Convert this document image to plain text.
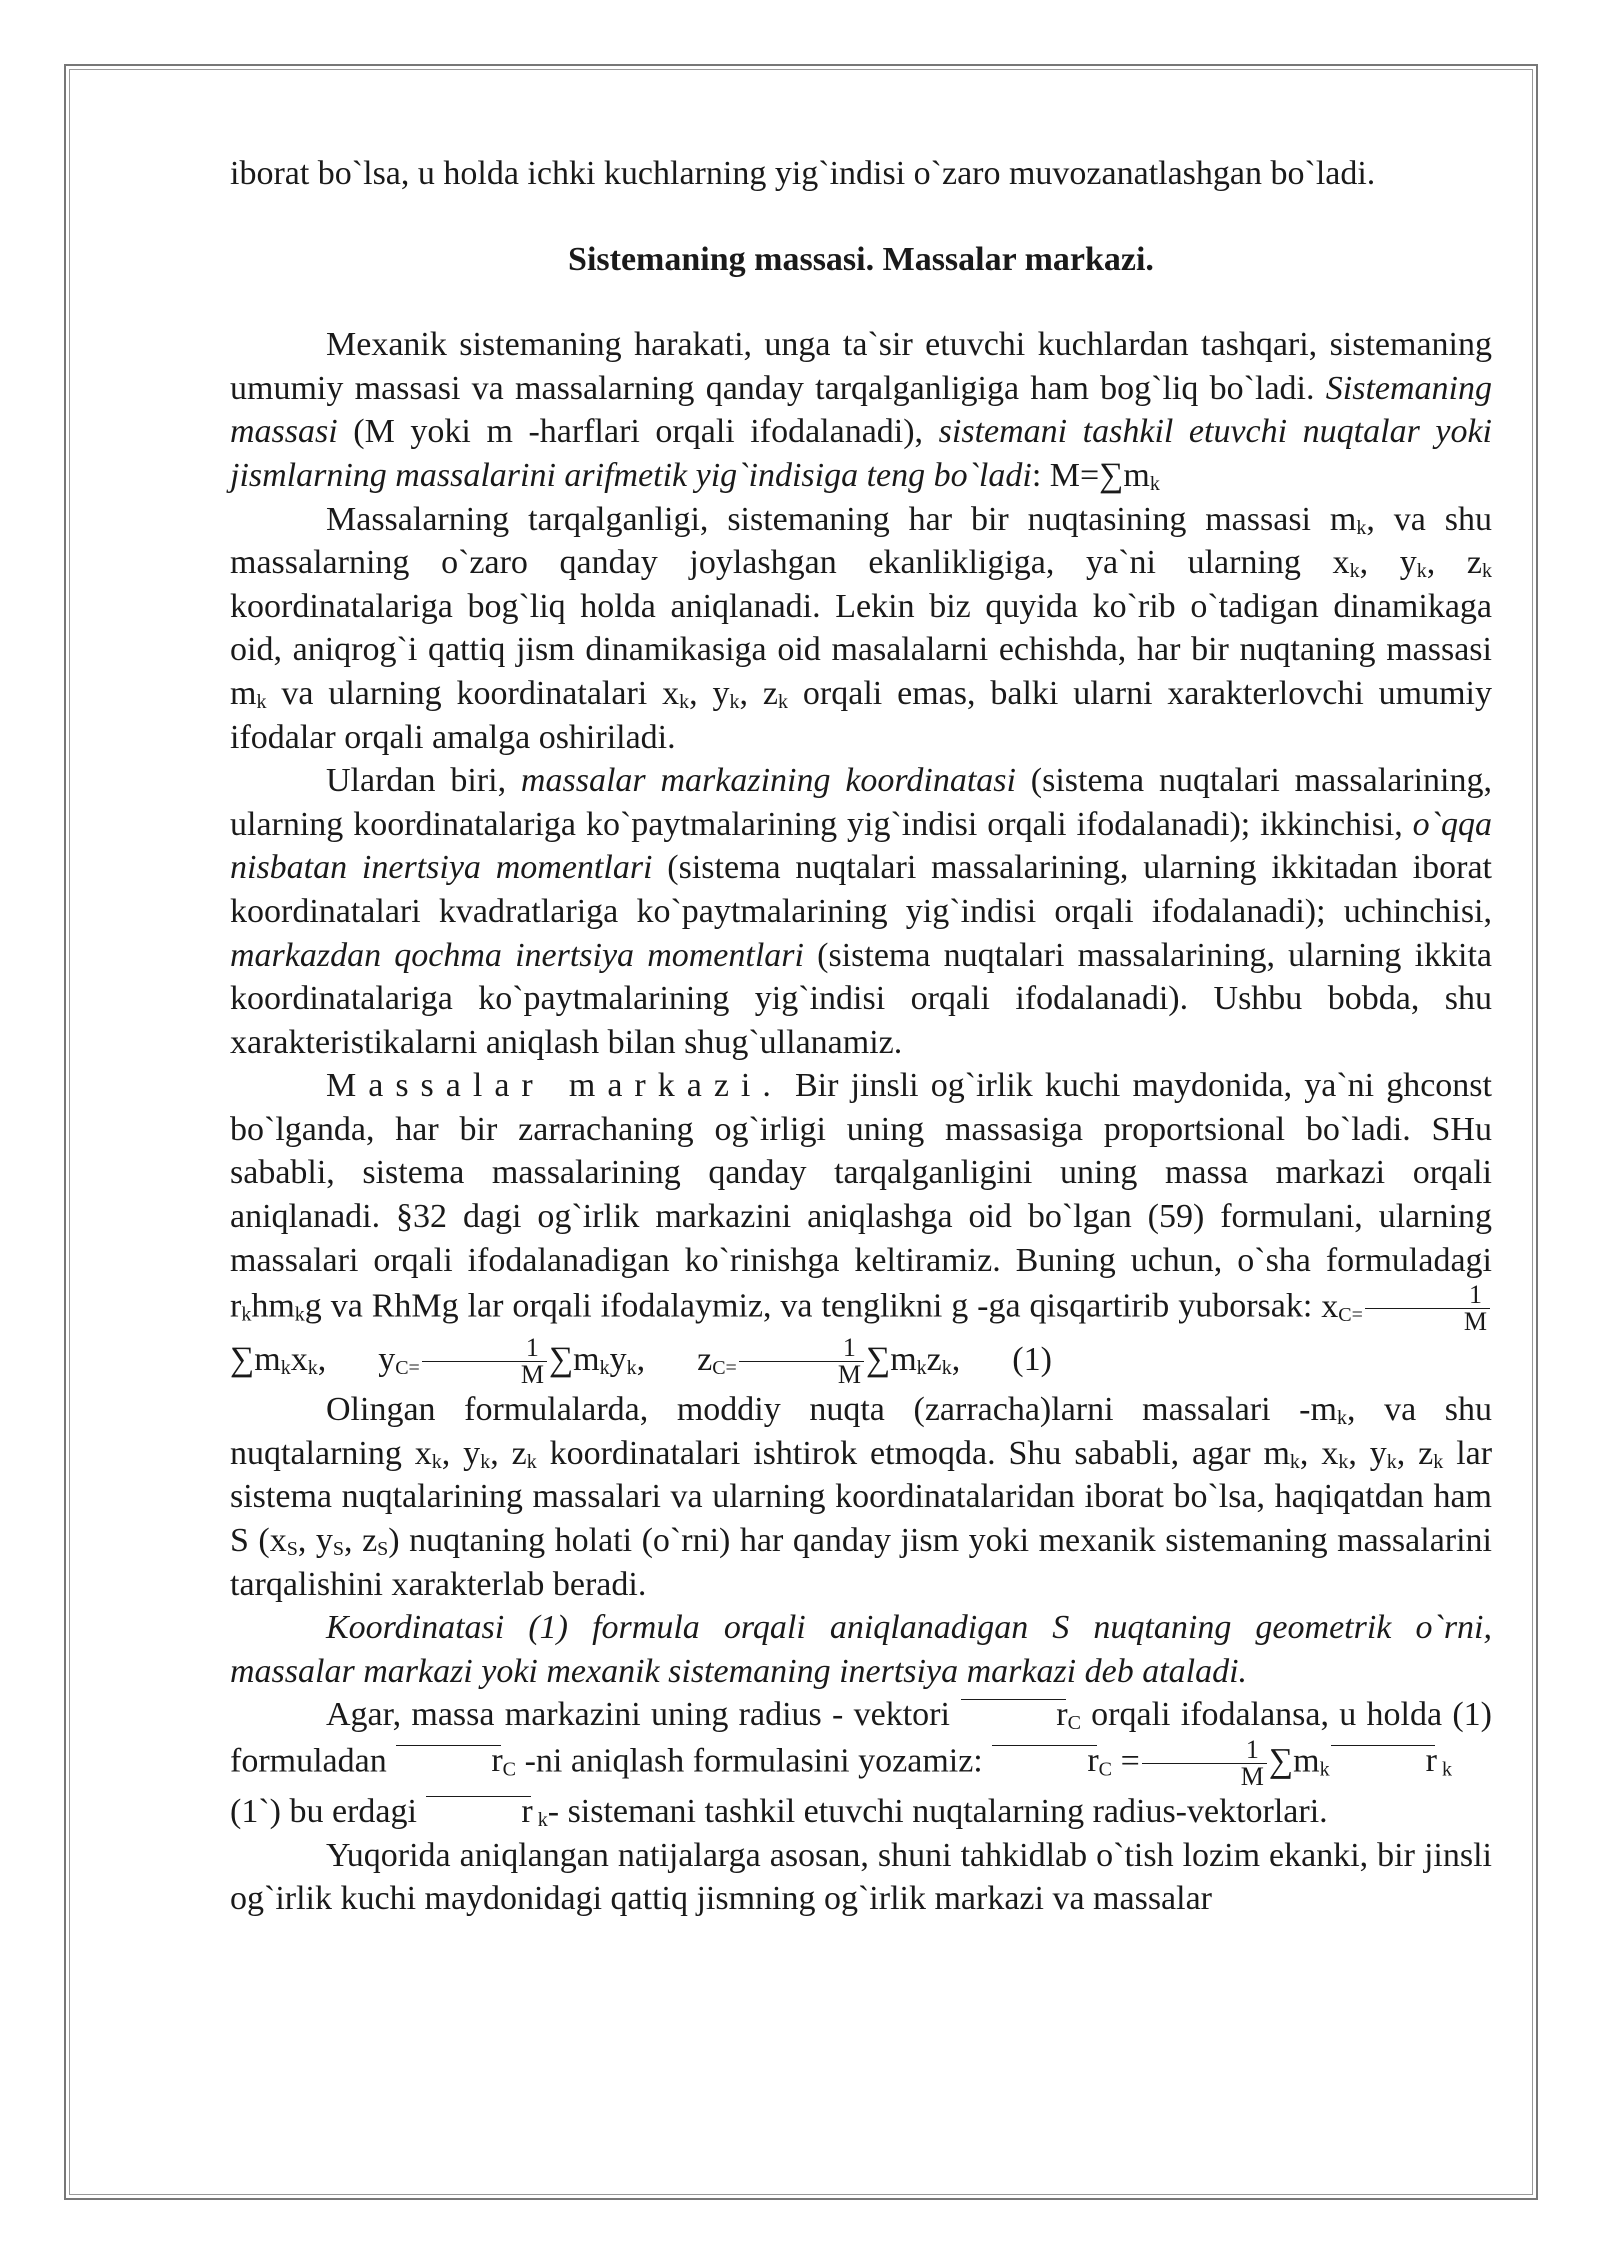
iborat bo`lsa, u holda ichki kuchlarning yig`indisi o`zaro muvozanatlashgan bo`ladi.

Sistemaning massasi. Massalar markazi.

Mexanik sistemaning harakati, unga ta`sir etuvchi kuchlardan tashqari, sistemaning umumiy massasi va massalarning qanday tarqalganligiga ham bog`liq bo`ladi. Sistemaning massasi (M yoki m -harflari orqali ifodalanadi), sistemani tashkil etuvchi nuqtalar yoki jismlarning massalarini arifmetik yig`indisiga teng bo`ladi: $M=\sum m_k$

Massalarning tarqalganligi, sistemaning har bir nuqtasining massasi $m_k$, va shu massalarning o`zaro qanday joylashgan ekanlikligiga, ya`ni ularning $x_k$, $y_k$, $z_k$ koordinatalariga bog`liq holda aniqlanadi. Lekin biz quyida ko`rib o`tadigan dinamikaga oid, aniqrog`i qattiq jism dinamikasiga oid masalalarni echishda, har bir nuqtaning massasi $m_k$ va ularning koordinatalari $x_k$, $y_k$, $z_k$ orqali emas, balki ularni xarakterlovchi umumiy ifodalar orqali amalga oshiriladi.

Ulardan biri, massalar markazining koordinatasi (sistema nuqtalari massalarining, ularning koordinatalariga ko`paytmalarining yig`indisi orqali ifodalanadi); ikkinchisi, o`qqa nisbatan inertsiya momentlari (sistema nuqtalari massalarining, ularning ikkitadan iborat koordinatalari kvadratlariga ko`paytmalarining yig`indisi orqali ifodalanadi); uchinchisi, markazdan qochma inertsiya momentlari (sistema nuqtalari massalarining, ularning ikkita koordinatalariga ko`paytmalarining yig`indisi orqali ifodalanadi). Ushbu bobda, shu xarakteristikalarni aniqlash bilan shug`ullanamiz.

Massalar markazi. Bir jinsli og`irlik kuchi maydonida, ya`ni ghconst bo`lganda, har bir zarrachaning og`irligi uning massasiga proportsional bo`ladi. SHu sababli, sistema massalarining qanday tarqalganligini uning massa markazi orqali aniqlanadi. §32 dagi og`irlik markazini aniqlashga oid bo`lgan (59) formulani, ularning massalari orqali ifodalanadigan ko`rinishga keltiramiz. Buning uchun, o`sha formuladagi $r_khm_kg$ va RhMg lar orqali ifodalaymiz, va tenglikni g -ga qisqartirib yuborsak: $x_{C=} \frac{1}{M}$
$\sum m_kx_k$, $y_{C=} \frac{1}{M} \sum m_ky_k$, $z_{C=} \frac{1}{M} \sum m_kz_k$, (1)

Olingan formulalarda, moddiy nuqta (zarracha)larni massalari $-m_k$, va shu nuqtalarning $x_k$, $y_k$, $z_k$ koordinatalari ishtirok etmoqda. Shu sababli, agar $m_k$, $x_k$, $y_k$, $z_k$ lar sistema nuqtalarining massalari va ularning koordinatalaridan iborat bo`lsa, haqiqatdan ham S ($x_S$, $y_S$, $z_S$) nuqtaning holati (o`rni) har qanday jism yoki mexanik sistemaning massalarini tarqalishini xarakterlab beradi.

Koordinatasi (1) formula orqali aniqlanadigan S nuqtaning geometrik o`rni, massalar markazi yoki mexanik sistemaning inertsiya markazi deb ataladi.

Agar, massa markazini uning radius - vektori	$r_C$ orqali ifodalansa, u holda (1) formuladan	$r_C$ -ni aniqlash formulasini yozamiz:	$r_C = \frac{1}{M} \sum m_k$	r $_k$(1`) bu erdagi	r $_k$- sistemani tashkil etuvchi nuqtalarning radius-vektorlari.

Yuqorida aniqlangan natijalarga asosan, shuni tahkidlab o`tish lozim ekanki, bir jinsli og`irlik kuchi maydonidagi qattiq jismning og`irlik markazi va massalar
